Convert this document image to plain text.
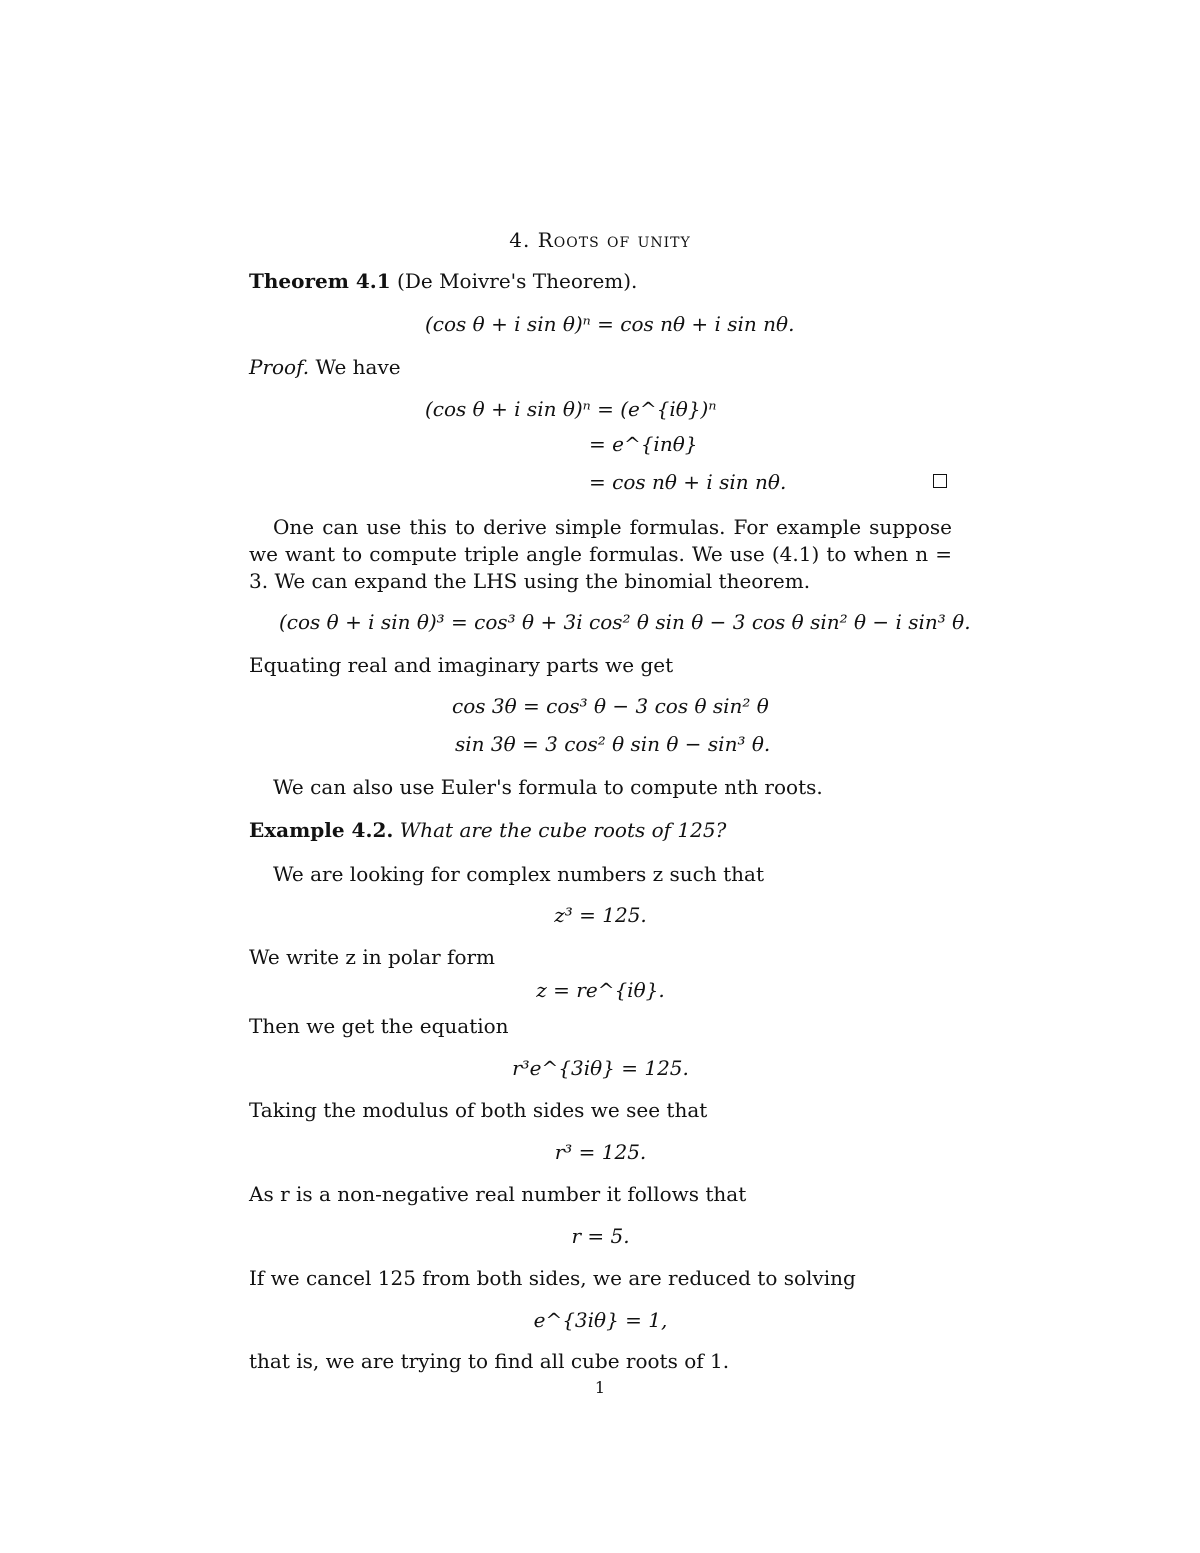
4. Roots of unity
Theorem 4.1 (De Moivre's Theorem).
(cos θ + i sin θ)ⁿ = cos nθ + i sin nθ.
Proof. We have
(cos θ + i sin θ)ⁿ = (e^{iθ})ⁿ
= e^{inθ}
= cos nθ + i sin nθ.
One can use this to derive simple formulas. For example suppose we want to compute triple angle formulas. We use (4.1) to when n = 3. We can expand the LHS using the binomial theorem.
(cos θ + i sin θ)³ = cos³ θ + 3i cos² θ sin θ − 3 cos θ sin² θ − i sin³ θ.
Equating real and imaginary parts we get
cos 3θ = cos³ θ − 3 cos θ sin² θ
sin 3θ = 3 cos² θ sin θ − sin³ θ.
We can also use Euler's formula to compute nth roots.
Example 4.2. What are the cube roots of 125?
We are looking for complex numbers z such that
z³ = 125.
We write z in polar form
z = re^{iθ}.
Then we get the equation
r³e^{3iθ} = 125.
Taking the modulus of both sides we see that
r³ = 125.
As r is a non-negative real number it follows that
r = 5.
If we cancel 125 from both sides, we are reduced to solving
e^{3iθ} = 1,
that is, we are trying to find all cube roots of 1.
1
